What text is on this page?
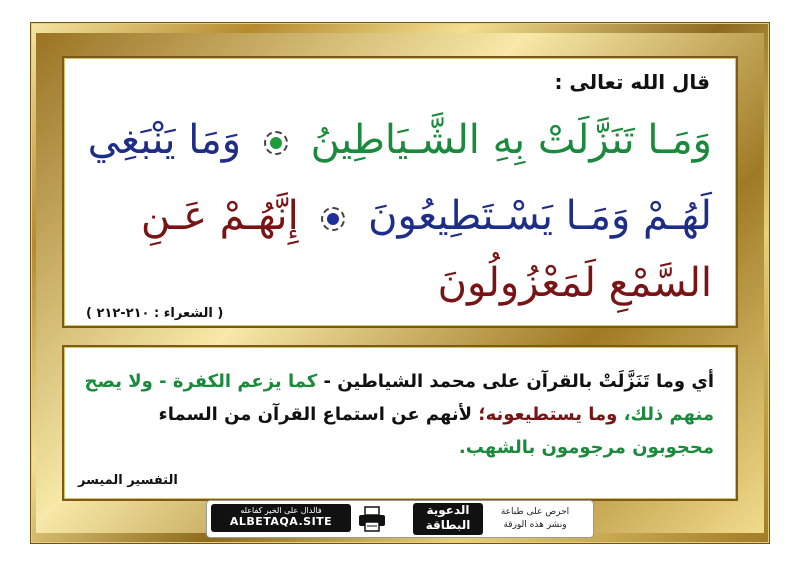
قال الله تعالى :
وَمَـا تَنَزَّلَتْ بِهِ الشَّـيَاطِينُ  وَمَا يَنْبَغِي
لَهُـمْ وَمَـا يَسْـتَطِيعُونَ  إِنَّهُـمْ عَـنِ
السَّمْعِ لَمَعْزُولُونَ
( الشعراء : ٢١٠-٢١٢ )
أي وما تَنَزَّلَتْ بالقرآن على محمد الشياطين - كما يزعم الكفرة - ولا يصح منهم ذلك، وما يستطيعونه؛ لأنهم عن استماع القرآن من السماء محجوبون مرجومون بالشهب.
التفسير الميسر
فالدال على الخير كفاعله
ALBETAQA.SITE
الدعوية
البطاقة
احرص على طباعة
ونشر هذه الورقة
